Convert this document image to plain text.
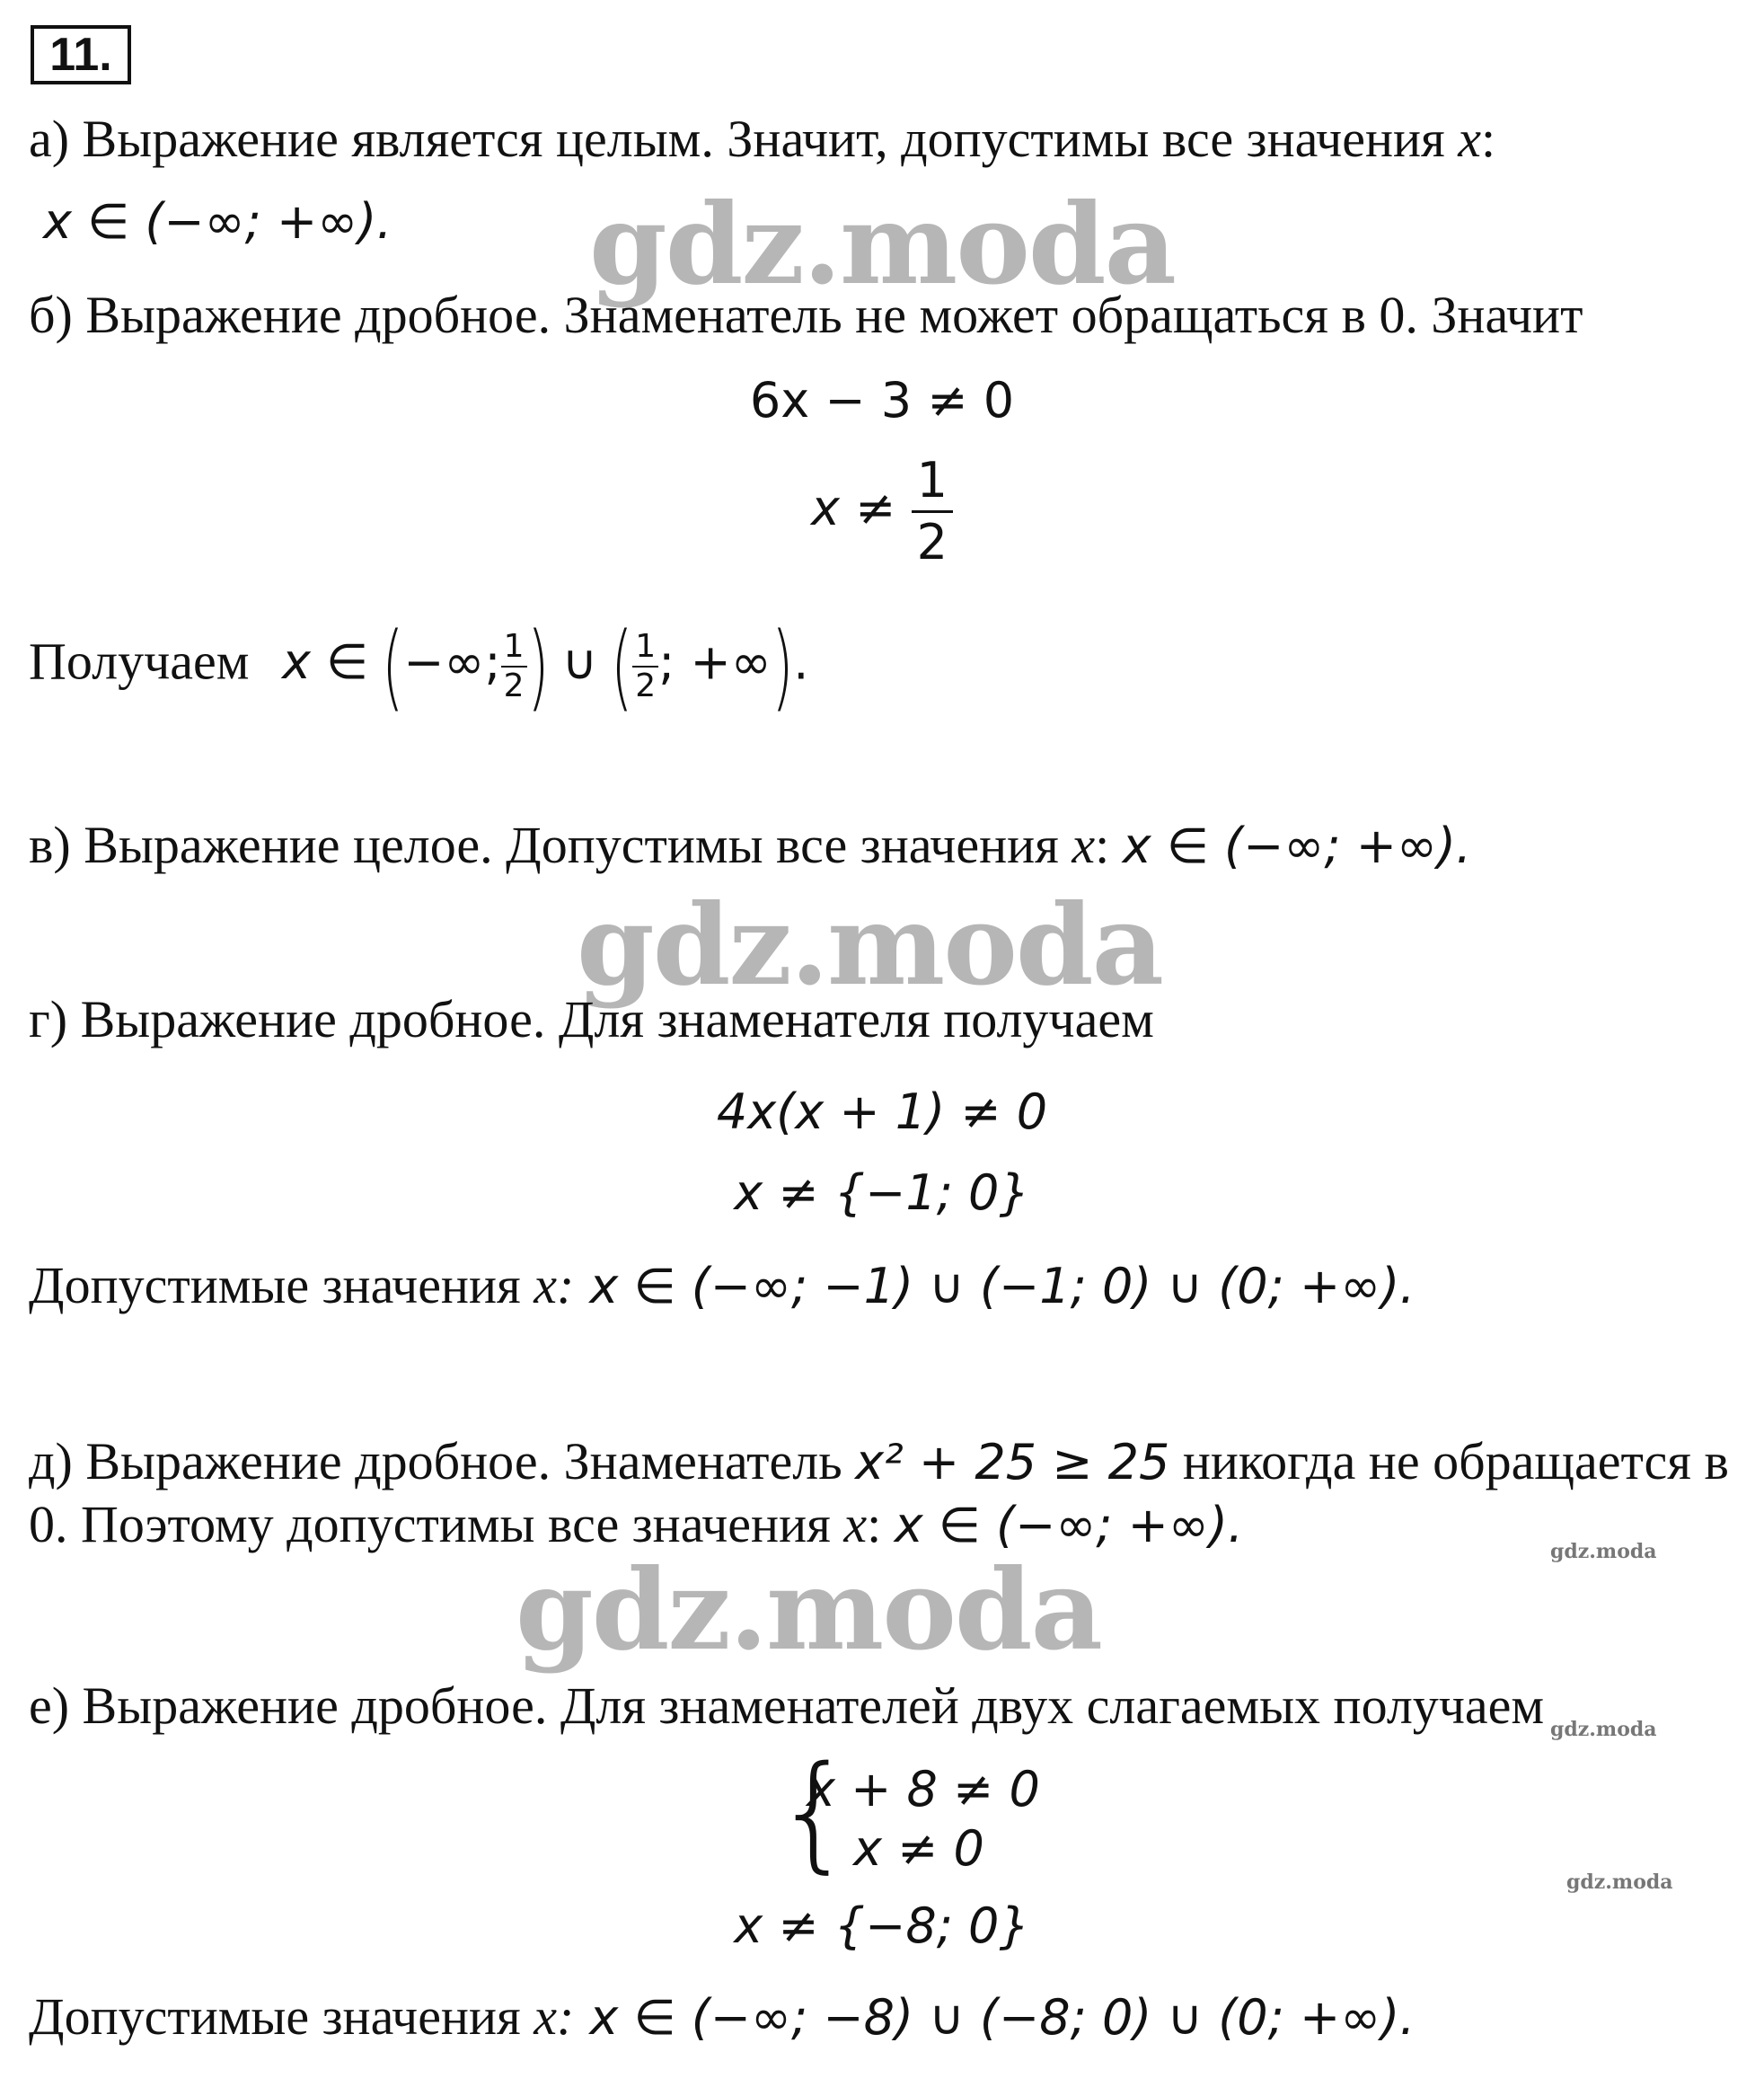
11.
а) Выражение является целым. Значит, допустимы все значения x:
x ∈ (−∞; +∞). gdz.moda
б) Выражение дробное. Знаменатель не может обращаться в 0. Значит
6x − 3 ≠ 0
$x \ne \frac{1}{2}$
Получаем x ∈ (−∞; $\frac{1}{2}$ ) ∪ ( $\frac{1}{2}$ ; +∞).
в) Выражение целое. Допустимы все значения x: x ∈ (−∞; +∞).
gdz.moda
г) Выражение дробное. Для знаменателя получаем
4x(x + 1) ≠ 0
x ≠ {−1; 0}
Допустимые значения x: x ∈ (−∞; −1) ∪ (−1; 0) ∪ (0; +∞).
д) Выражение дробное. Знаменатель x² + 25 ≥ 25 никогда не обращается в
0. Поэтому допустимы все значения x: x ∈ (−∞; +∞).	gdz.moda
gdz.moda
е) Выражение дробное. Для знаменателей двух слагаемых получаем gdz.moda
{
x + 8 ≠ 0
x ≠ 0
gdz.moda
x ≠ {−8; 0}
Допустимые значения x: x ∈ (−∞; −8) ∪ (−8; 0) ∪ (0; +∞).
